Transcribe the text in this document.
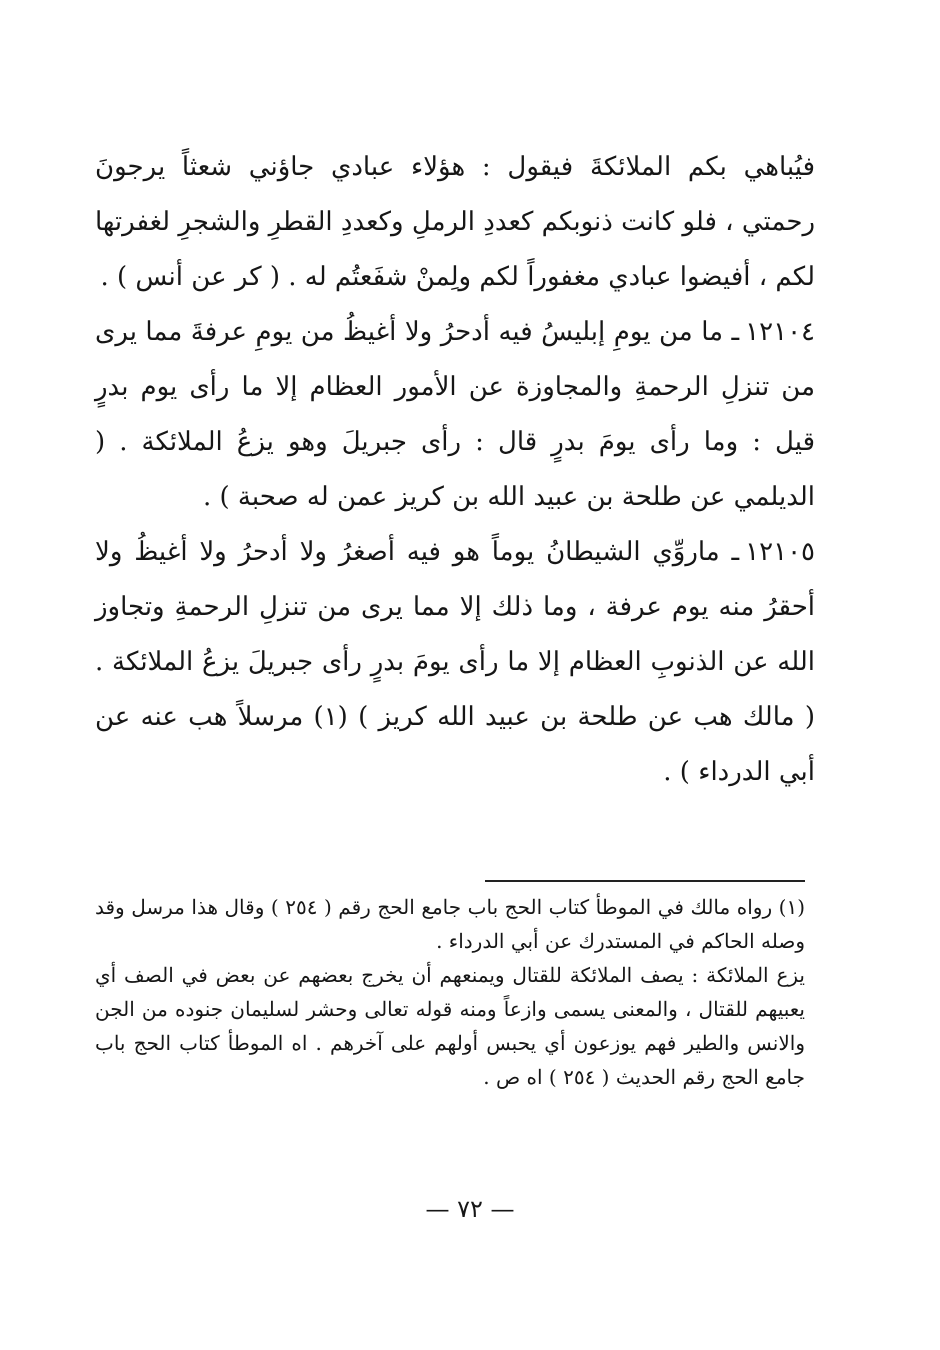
فيُباهي بكم الملائكةَ فيقول : هؤلاء عبادي جاؤني شعثاً يرجونَ رحمتي ، فلو كانت ذنوبكم كعددِ الرملِ وكعددِ القطرِ والشجرِ لغفرتها لكم ، أفيضوا عبادي مغفوراً لكم ولِمنْ شفَعتُم له . ( كر عن أنس ) .

١٢١٠٤ـ ما من يومِ إبليسُ فيه أدحرُ ولا أغيظُ من يومِ عرفةَ مما يرى من تنزلِ الرحمةِ والمجاوزة عن الأمور العظام إلا ما رأى يوم بدرٍ قيل : وما رأى يومَ بدرٍ قال : رأى جبريلَ وهو يزعُ الملائكة . ( الديلمي عن طلحة بن عبيد الله بن كريز عمن له صحبة ) .

١٢١٠٥ـ ماروِّي الشيطانُ يوماً هو فيه أصغرُ ولا أدحرُ ولا أغيظُ ولا أحقرُ منه يوم عرفة ، وما ذلك إلا مما يرى من تنزلِ الرحمةِ وتجاوز الله عن الذنوبِ العظام إلا ما رأى يومَ بدرٍ رأى جبريلَ يزعُ الملائكة . ( مالك هب عن طلحة بن عبيد الله كريز ) (١) مرسلاً هب عنه عن أبي الدرداء ) .

(١) رواه مالك في الموطأ كتاب الحج باب جامع الحج رقم ( ٢٥٤ ) وقال هذا مرسل وقد وصله الحاكم في المستدرك عن أبي الدرداء .

يزع الملائكة : يصف الملائكة للقتال ويمنعهم أن يخرج بعضهم عن بعض في الصف أي يعبيهم للقتال ، والمعنى يسمى وازعاً ومنه قوله تعالى وحشر لسليمان جنوده من الجن والانس والطير فهم يوزعون أي يحبس أولهم على آخرهم . اه الموطأ كتاب الحج باب جامع الحج رقم الحديث ( ٢٥٤ ) اه ص .

— ٧٢ —
